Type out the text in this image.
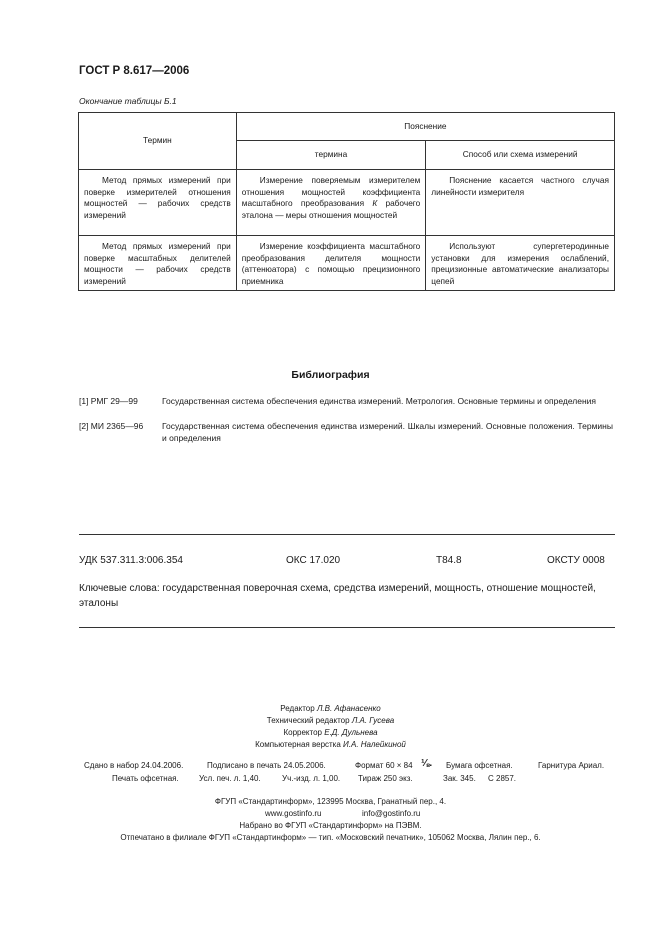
ГОСТ Р 8.617—2006
Окончание таблицы Б.1
Термин	Пояснение	
	термина	Способ или схема измерений

Метод прямых измерений при поверке измерителей отношения мощностей — рабочих средств измерений	Измерение поверяемым измерителем отношения мощностей коэффициента масштабного преобразования К рабочего эталона — меры отношения мощностей	Пояснение касается частного случая линейности измерителя

Метод прямых измерений при поверке масштабных делителей мощности — рабочих средств измерений	Измерение коэффициента масштабного преобразования делителя мощности (аттенюатора) с помощью прецизионного приемника	Используют супергетеродинные установки для измерения ослаблений, прецизионные автоматические анализаторы цепей

Библиография
[1] РМГ 29—99	Государственная система обеспечения единства измерений. Метрология. Основные термины и определения
[2] МИ 2365—96 Государственная система обеспечения единства измерений. Шкалы измерений. Основные положения. Термины и определения
УДК 537.311.3:006.354	ОКС 17.020	Т84.8	ОКСТУ 0008
Ключевые слова: государственная поверочная схема, средства измерений, мощность, отношение мощностей, эталоны
Редактор Л.В. Афанасенко
Технический редактор Л.А. Гусева
Корректор Е.Д. Дульнева
Компьютерная верстка И.А. Налейкиной
Сдано в набор 24.04.2006.	Подписано в печать 24.05.2006.	Формат 60 × 84 ⅛. Бумага офсетная.	Гарнитура Ариал.
Печать офсетная.	Усл. печ. л. 1,40.	Уч.-изд. л. 1,00. Тираж 250 экз.	Зак. 345. С 2857.
ФГУП «Стандартинформ», 123995 Москва, Гранатный пер., 4.
www.gostinfo.ru	info@gostinfo.ru
Набрано во ФГУП «Стандартинформ» на ПЭВМ.
Отпечатано в филиале ФГУП «Стандартинформ» — тип. «Московский печатник», 105062 Москва, Лялин пер., 6.
